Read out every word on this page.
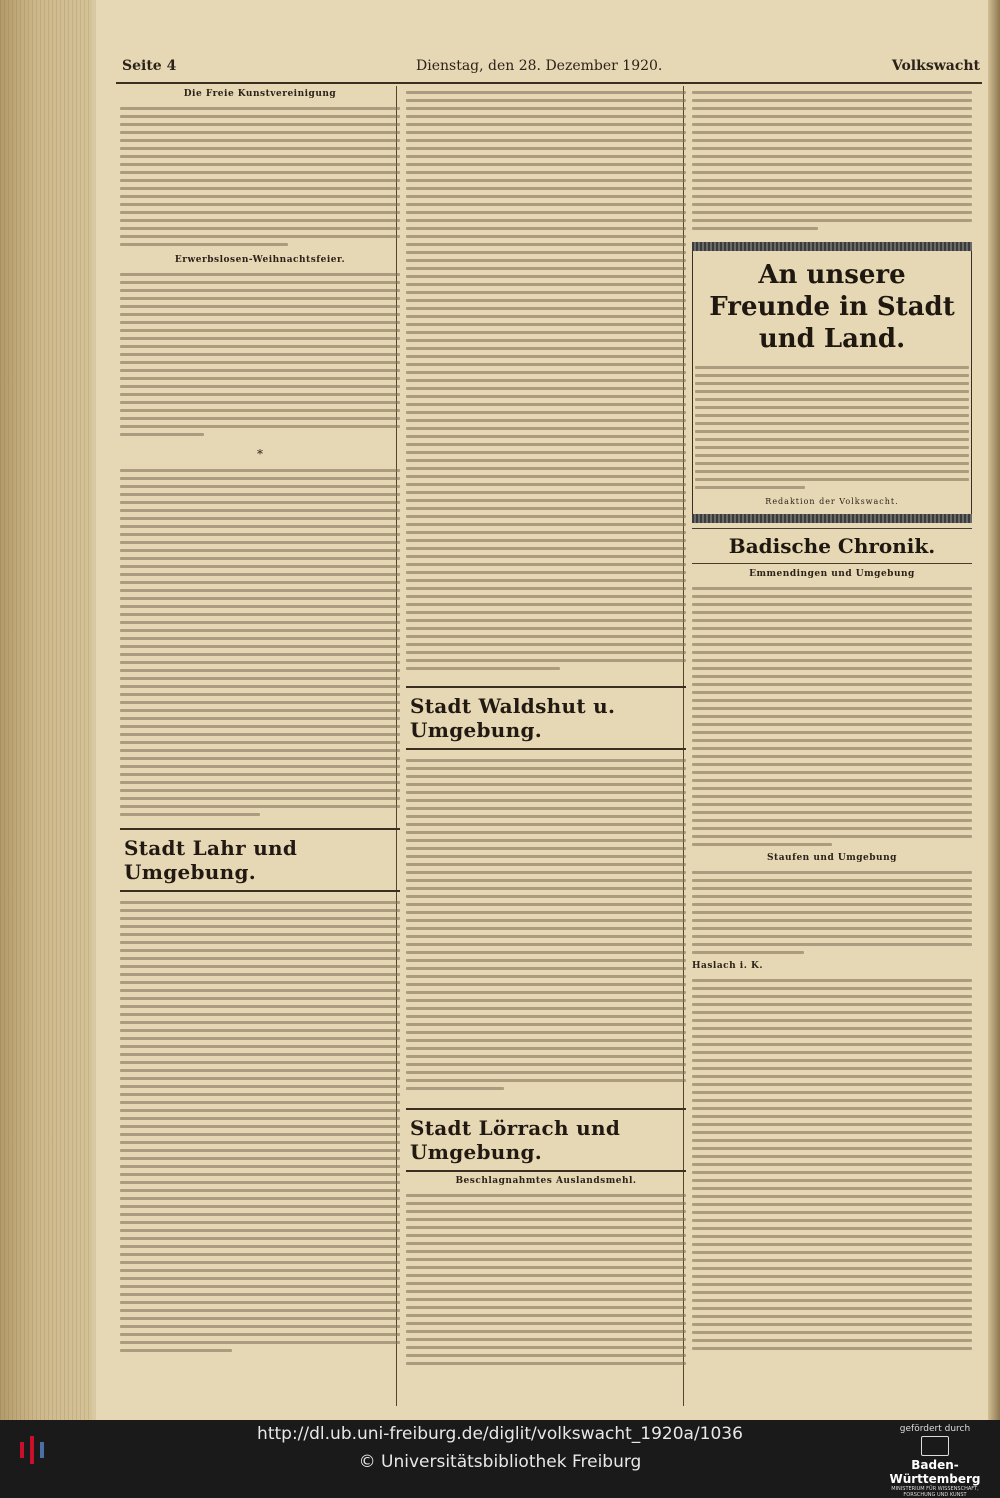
Seite 4	Dienstag, den 28. Dezember 1920.	Volkswacht
Die Freie Kunstvereinigung
Erwerbslosen-Weihnachtsfeier.
*
Stadt Lahr und Umgebung.
Stadt Waldshut u. Umgebung.
Stadt Lörrach und Umgebung.
Beschlagnahmtes Auslandsmehl.
An unsere Freunde in Stadt und Land.
Redaktion der Volkswacht.
Badische Chronik.
Emmendingen und Umgebung
Staufen und Umgebung
Haslach i. K.
http://dl.ub.uni-freiburg.de/diglit/volkswacht_1920a/1036
© Universitätsbibliothek Freiburg
gefördert durch
Baden-Württemberg
MINISTERIUM FÜR WISSENSCHAFT, FORSCHUNG UND KUNST
